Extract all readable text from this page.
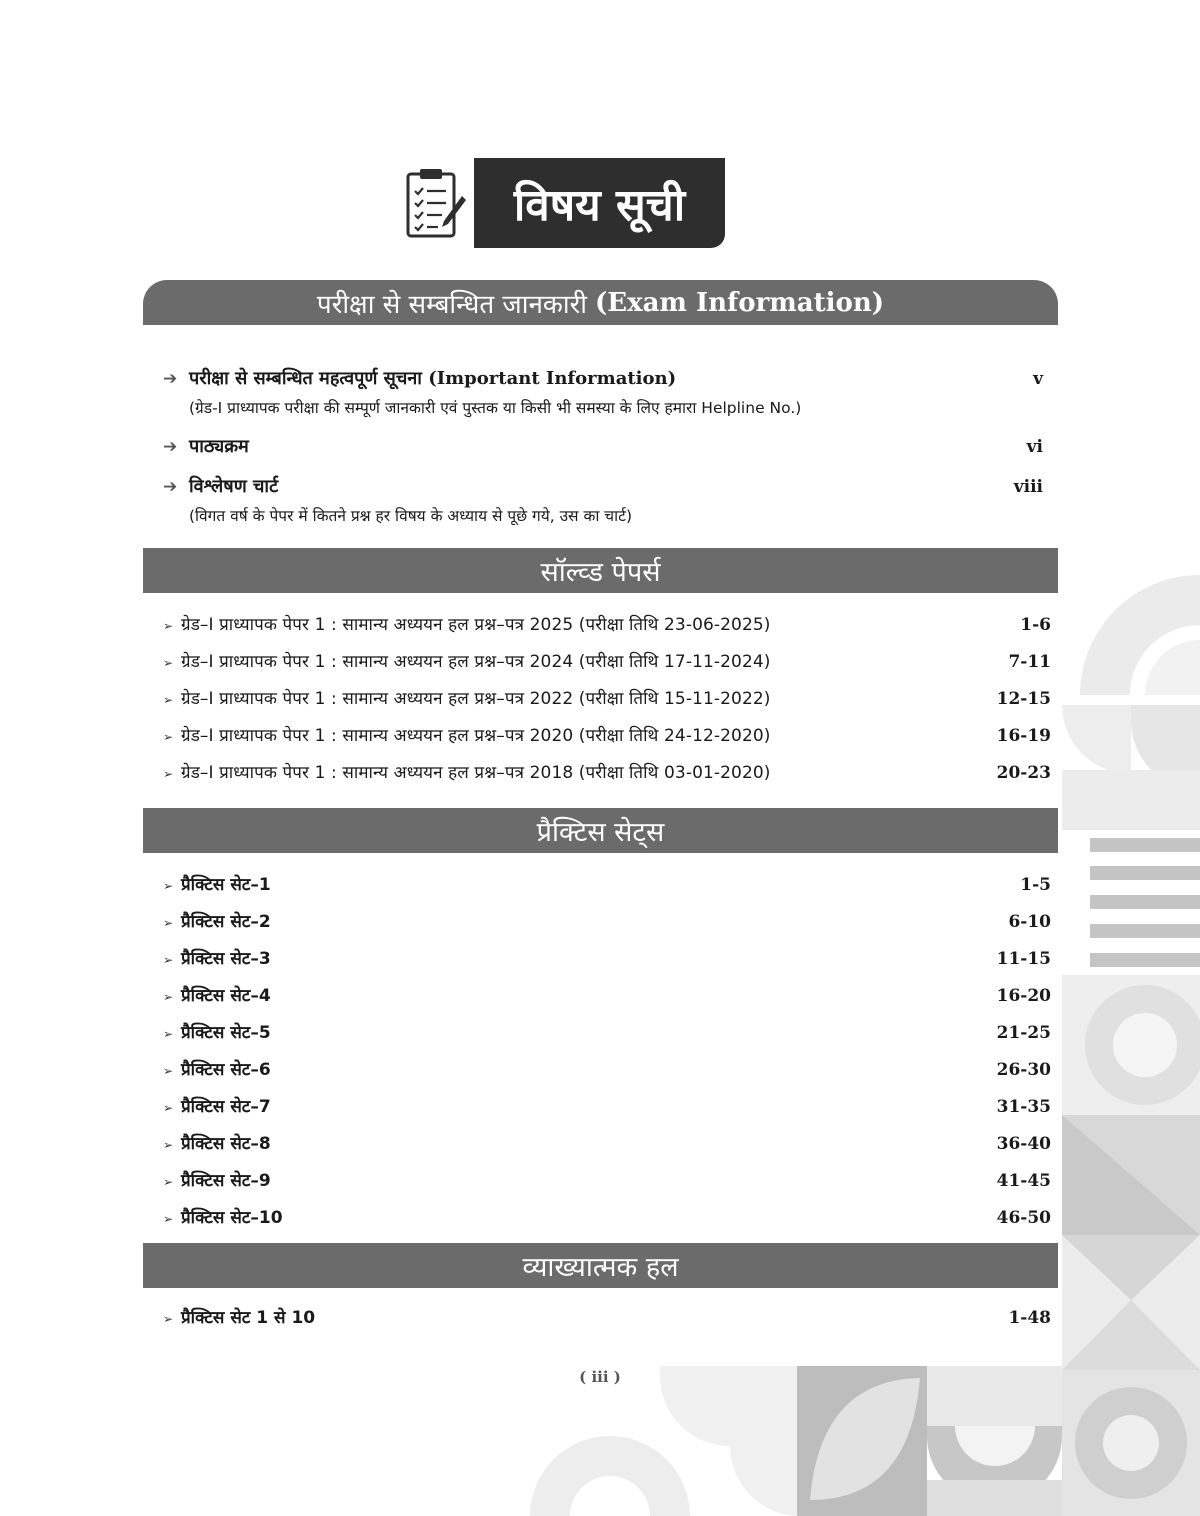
विषय सूची
परीक्षा से सम्बन्धित जानकारी (Exam Information)
➔ परीक्षा से सम्बन्धित महत्वपूर्ण सूचना (Important Information)	v
(ग्रेड-I प्राध्यापक परीक्षा की सम्पूर्ण जानकारी एवं पुस्तक या किसी भी समस्या के लिए हमारा Helpline No.)
➔ पाठ्यक्रम	vi
➔ विश्लेषण चार्ट	viii
(विगत वर्ष के पेपर में कितने प्रश्न हर विषय के अध्याय से पूछे गये, उस का चार्ट)
सॉल्व्ड पेपर्स
➢ ग्रेड–I प्राध्यापक पेपर 1 : सामान्य अध्ययन हल प्रश्न–पत्र 2025 (परीक्षा तिथि 23-06-2025)	1-6
➢ ग्रेड–I प्राध्यापक पेपर 1 : सामान्य अध्ययन हल प्रश्न–पत्र 2024 (परीक्षा तिथि 17-11-2024)	7-11
➢ ग्रेड–I प्राध्यापक पेपर 1 : सामान्य अध्ययन हल प्रश्न–पत्र 2022 (परीक्षा तिथि 15-11-2022)	12-15
➢ ग्रेड–I प्राध्यापक पेपर 1 : सामान्य अध्ययन हल प्रश्न–पत्र 2020 (परीक्षा तिथि 24-12-2020)	16-19
➢ ग्रेड–I प्राध्यापक पेपर 1 : सामान्य अध्ययन हल प्रश्न–पत्र 2018 (परीक्षा तिथि 03-01-2020)	20-23
प्रैक्टिस सेट्स
➢ प्रैक्टिस सेट–1	1-5
➢ प्रैक्टिस सेट–2	6-10
➢ प्रैक्टिस सेट–3	11-15
➢ प्रैक्टिस सेट–4	16-20
➢ प्रैक्टिस सेट–5	21-25
➢ प्रैक्टिस सेट–6	26-30
➢ प्रैक्टिस सेट–7	31-35
➢ प्रैक्टिस सेट–8	36-40
➢ प्रैक्टिस सेट–9	41-45
➢ प्रैक्टिस सेट–10	46-50
व्याख्यात्मक हल
➢ प्रैक्टिस सेट 1 से 10	1-48
( iii )
